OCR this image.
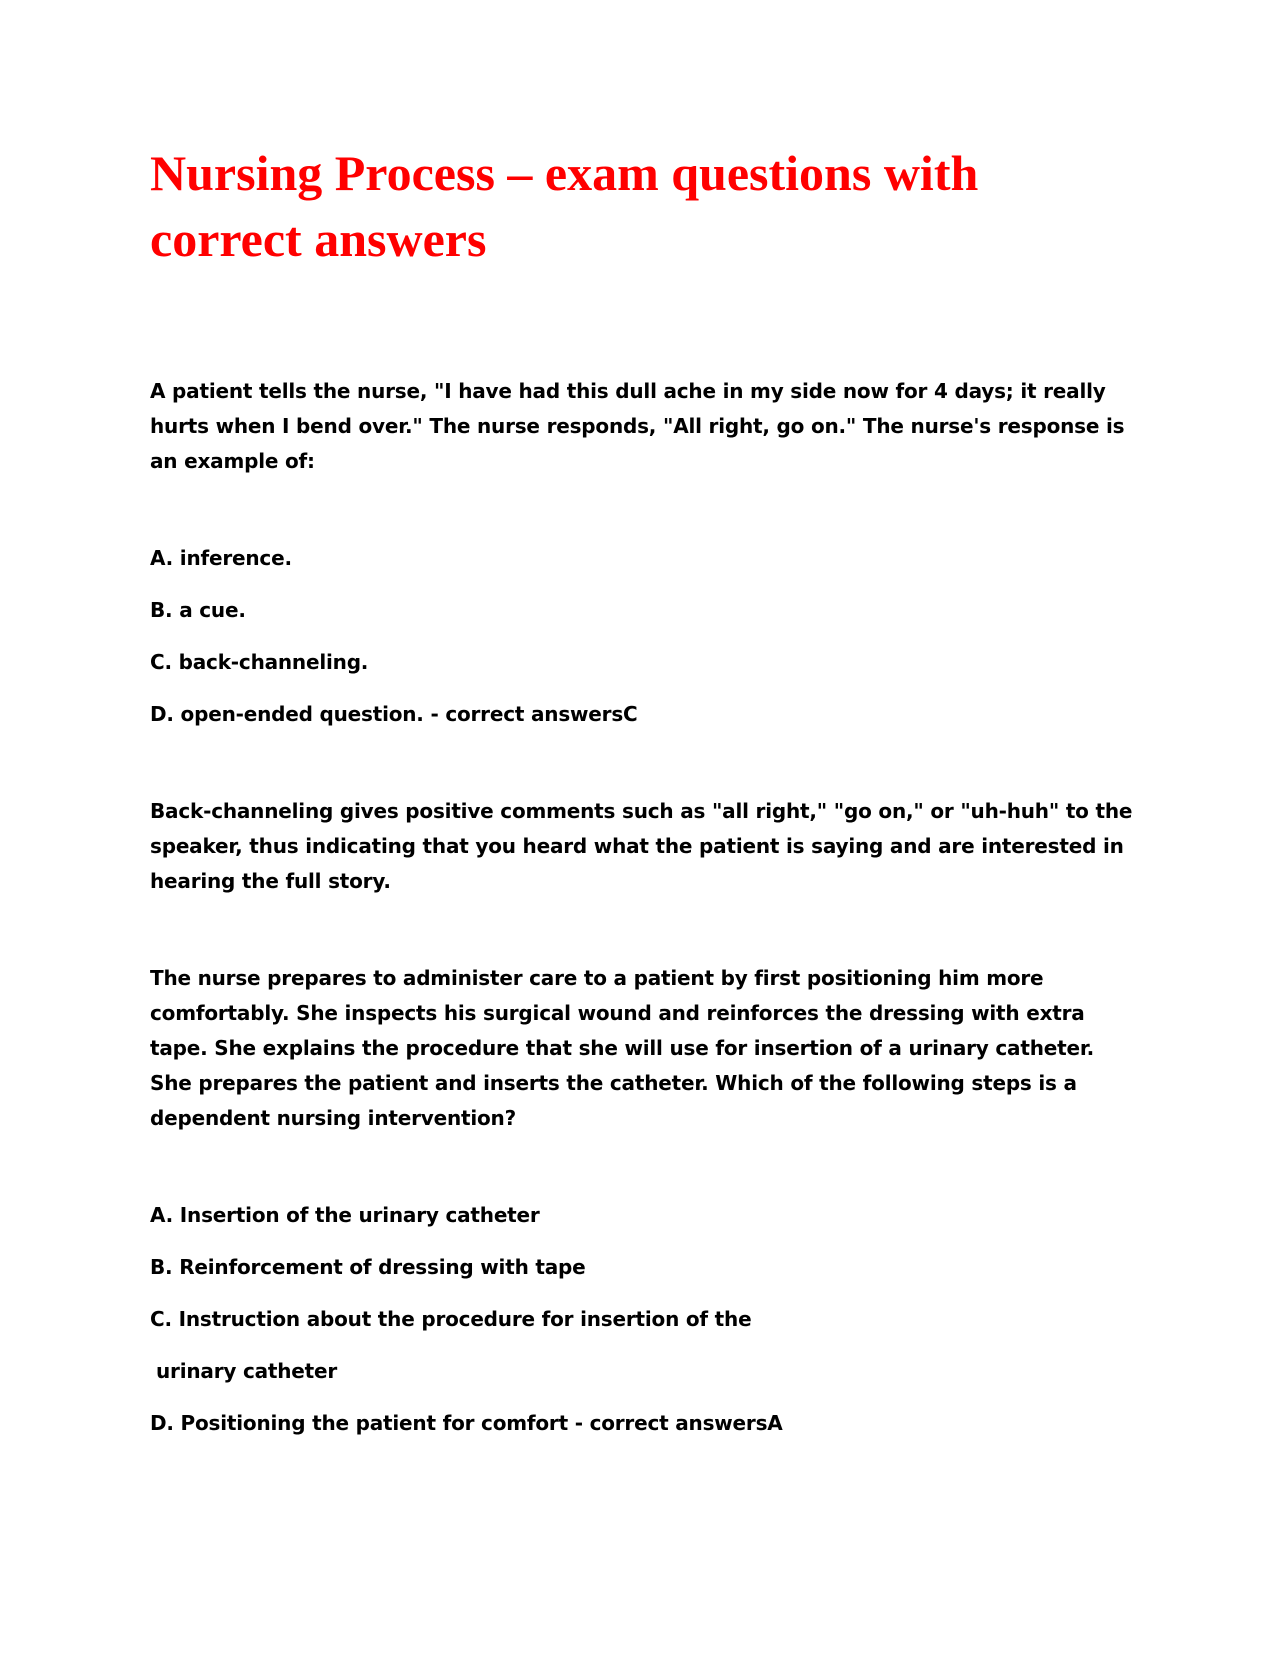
Nursing Process – exam questions with correct answers

A patient tells the nurse, "I have had this dull ache in my side now for 4 days; it really hurts when I bend over." The nurse responds, "All right, go on." The nurse's response is an example of:

A. inference.

B. a cue.

C. back-channeling.

D. open-ended question. - correct answersC

Back-channeling gives positive comments such as "all right," "go on," or "uh-huh" to the speaker, thus indicating that you heard what the patient is saying and are interested in hearing the full story.

The nurse prepares to administer care to a patient by first positioning him more comfortably. She inspects his surgical wound and reinforces the dressing with extra tape. She explains the procedure that she will use for insertion of a urinary catheter. She prepares the patient and inserts the catheter. Which of the following steps is a dependent nursing intervention?

A. Insertion of the urinary catheter

B. Reinforcement of dressing with tape

C. Instruction about the procedure for insertion of the

urinary catheter

D. Positioning the patient for comfort - correct answersA
